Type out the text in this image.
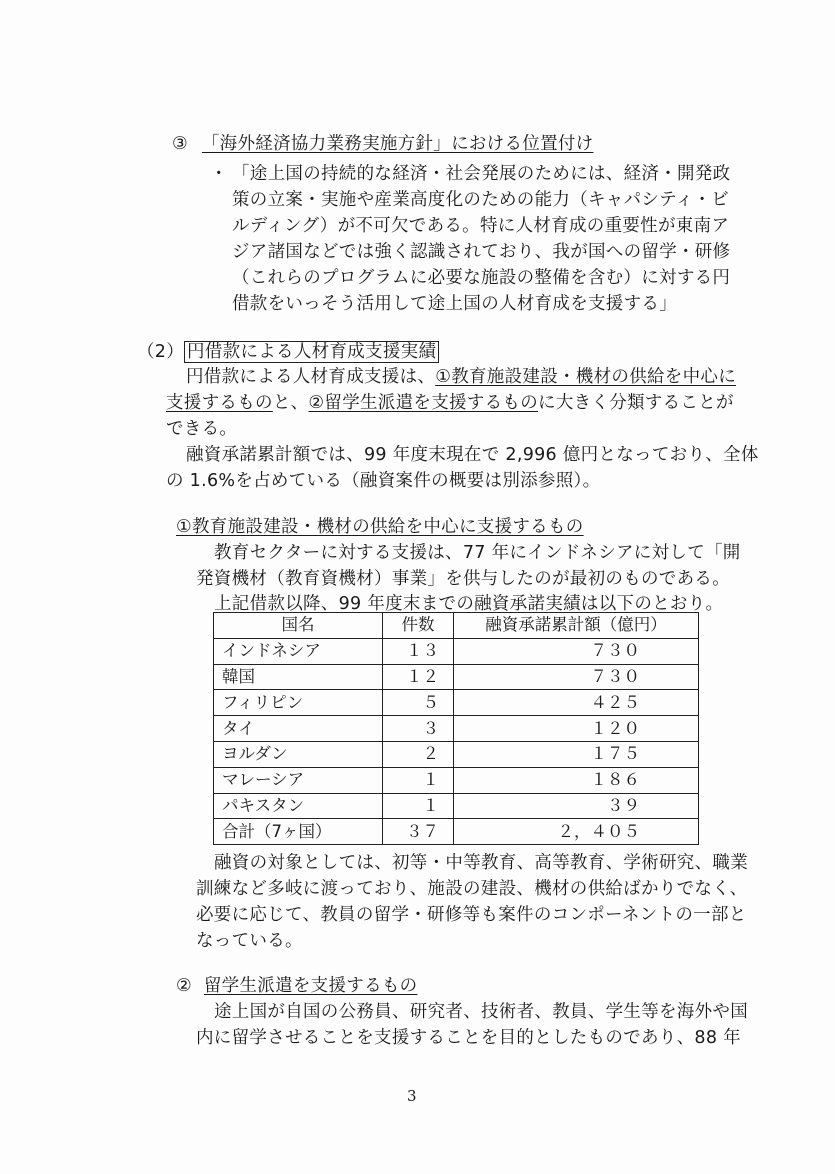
③ 「海外経済協力業務実施方針」における位置付け
・ 「途上国の持続的な経済・社会発展のためには、経済・開発政
策の立案・実施や産業高度化のための能力（キャパシティ・ビ
ルディング）が不可欠である。特に人材育成の重要性が東南ア
ジア諸国などでは強く認識されており、我が国への留学・研修
（これらのプログラムに必要な施設の整備を含む）に対する円
借款をいっそう活用して途上国の人材育成を支援する」
（2） 円借款による人材育成支援実績
円借款による人材育成支援は、①教育施設建設・機材の供給を中心に
支援するものと、②留学生派遣を支援するものに大きく分類することが
できる。
融資承諾累計額では、99 年度末現在で 2,996 億円となっており、全体
の 1.6%を占めている（融資案件の概要は別添参照）。
①教育施設建設・機材の供給を中心に支援するもの
教育セクターに対する支援は、77 年にインドネシアに対して「開
発資機材（教育資機材）事業」を供与したのが最初のものである。
上記借款以降、99 年度末までの融資承諾実績は以下のとおり。
国名	件数	融資承諾累計額（億円）
インドネシア	１３	７３０
韓国	１２	７３０
フィリピン	５	４２５
タイ	３	１２０
ヨルダン	２	１７５
マレーシア	１	１８６
パキスタン	１	３９
合計（7ヶ国）	３７	２，４０５
融資の対象としては、初等・中等教育、高等教育、学術研究、職業
訓練など多岐に渡っており、施設の建設、機材の供給ばかりでなく、
必要に応じて、教員の留学・研修等も案件のコンポーネントの一部と
なっている。
② 留学生派遣を支援するもの
途上国が自国の公務員、研究者、技術者、教員、学生等を海外や国
内に留学させることを支援することを目的としたものであり、88 年
3
